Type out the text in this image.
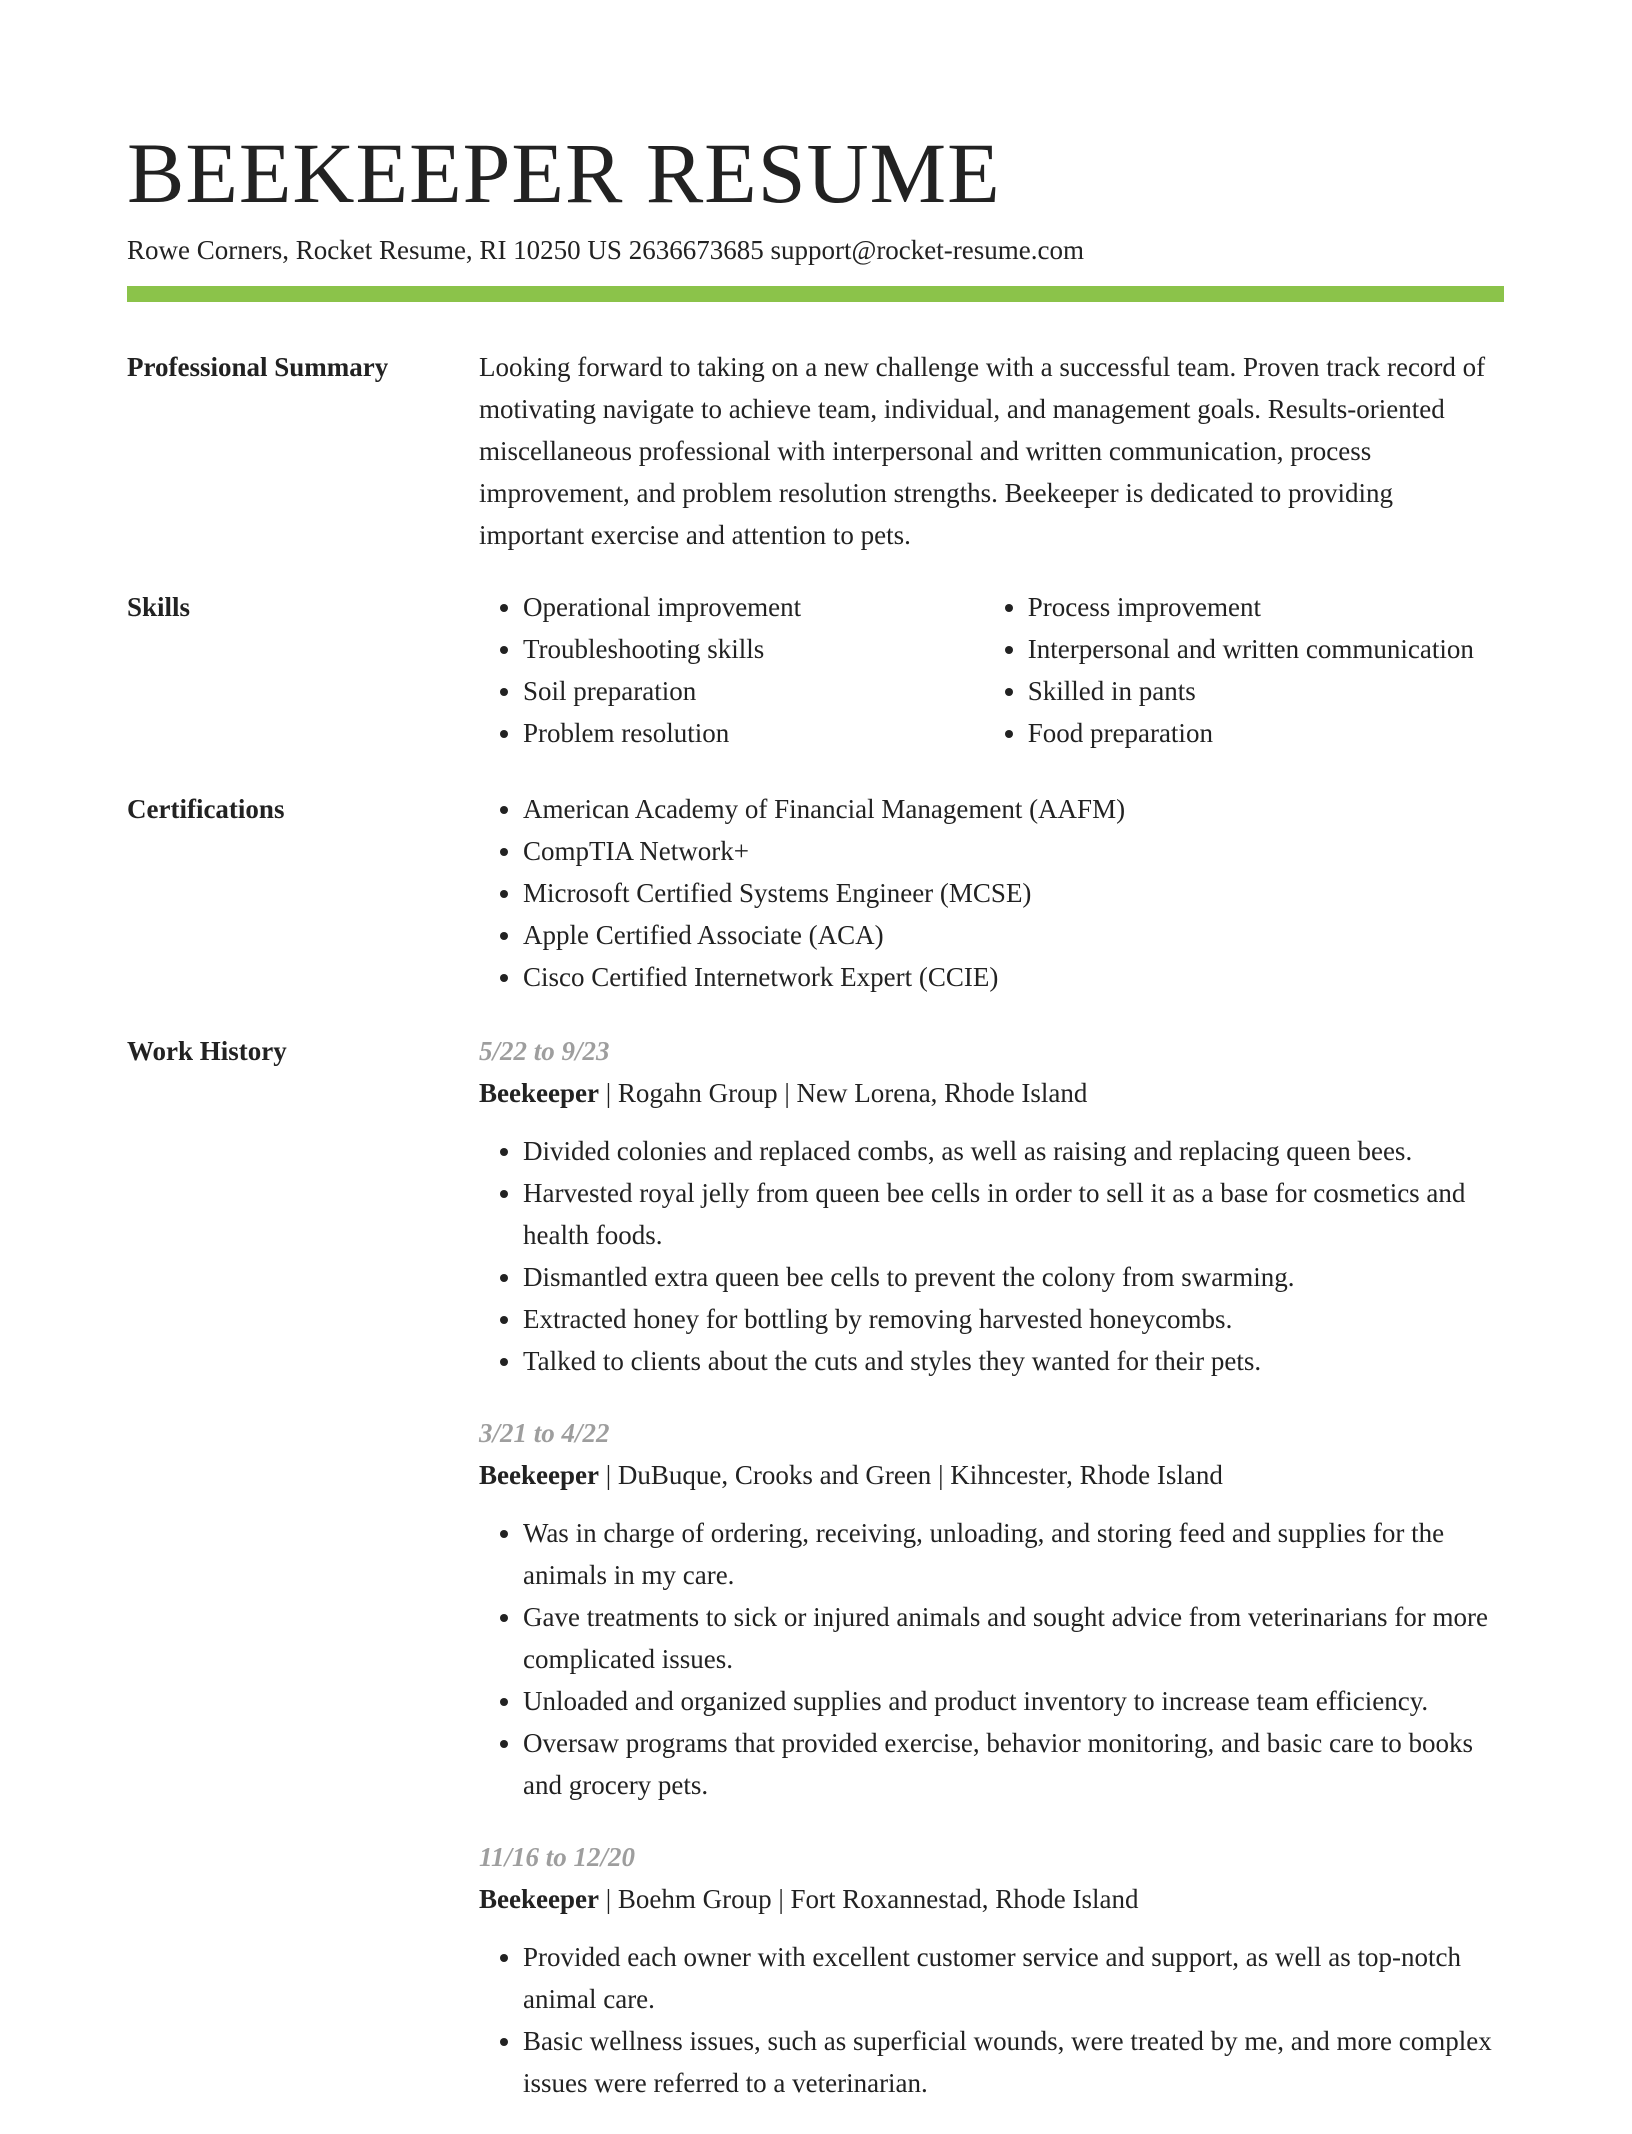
BEEKEEPER RESUME
Rowe Corners, Rocket Resume, RI 10250 US 2636673685 support@rocket-resume.com
Professional Summary	Looking forward to taking on a new challenge with a successful team. Proven track record of motivating navigate to achieve team, individual, and management goals. Results-oriented miscellaneous professional with interpersonal and written communication, process improvement, and problem resolution strengths. Beekeeper is dedicated to providing important exercise and attention to pets.

Skills	• Operational improvement
• Troubleshooting skills
• Soil preparation
• Problem resolution
• Process improvement
• Interpersonal and written communication
• Skilled in pants
• Food preparation
Certifications	• American Academy of Financial Management (AAFM)
• CompTIA Network+
• Microsoft Certified Systems Engineer (MCSE)
• Apple Certified Associate (ACA)
• Cisco Certified Internetwork Expert (CCIE)
Work History	5/22 to 9/23
Beekeeper | Rogahn Group | New Lorena, Rhode Island
• Divided colonies and replaced combs, as well as raising and replacing queen bees.
• Harvested royal jelly from queen bee cells in order to sell it as a base for cosmetics and health foods.
• Dismantled extra queen bee cells to prevent the colony from swarming.
• Extracted honey for bottling by removing harvested honeycombs.
• Talked to clients about the cuts and styles they wanted for their pets.
3/21 to 4/22
Beekeeper | DuBuque, Crooks and Green | Kihncester, Rhode Island
• Was in charge of ordering, receiving, unloading, and storing feed and supplies for the animals in my care.
• Gave treatments to sick or injured animals and sought advice from veterinarians for more complicated issues.
• Unloaded and organized supplies and product inventory to increase team efficiency.
• Oversaw programs that provided exercise, behavior monitoring, and basic care to books and grocery pets.
11/16 to 12/20
Beekeeper | Boehm Group | Fort Roxannestad, Rhode Island
• Provided each owner with excellent customer service and support, as well as top-notch animal care.
• Basic wellness issues, such as superficial wounds, were treated by me, and more complex issues were referred to a veterinarian.
